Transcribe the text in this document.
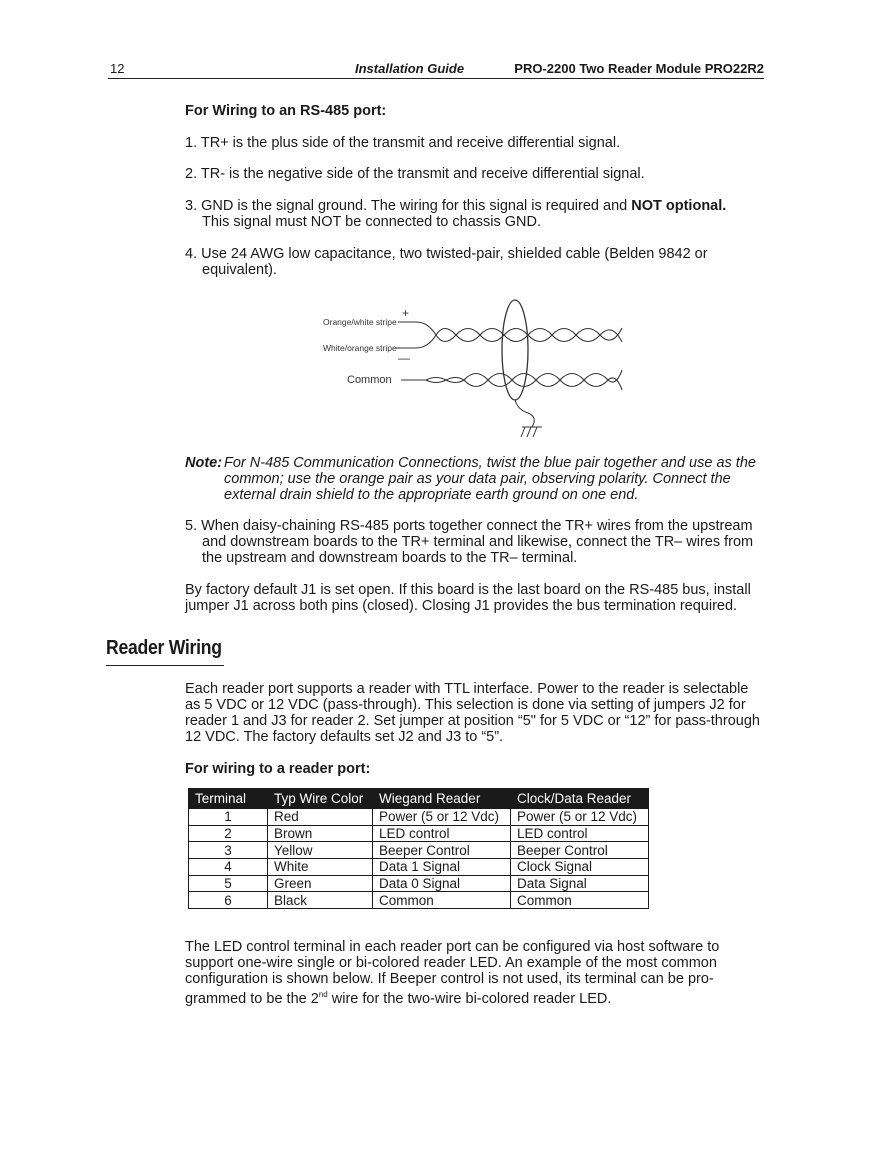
12	Installation Guide	PRO-2200 Two Reader Module PRO22R2
For Wiring to an RS-485 port:
1. TR+ is the plus side of the transmit and receive differential signal.
2. TR- is the negative side of the transmit and receive differential signal.
3. GND is the signal ground. The wiring for this signal is required and NOT optional.
This signal must NOT be connected to chassis GND.
4. Use 24 AWG low capacitance, two twisted-pair, shielded cable (Belden 9842 or
equivalent).
Orange/white stripe
White/orange stripe
Common
+
—
Note: For N-485 Communication Connections, twist the blue pair together and use as the
common; use the orange pair as your data pair, observing polarity. Connect the
external drain shield to the appropriate earth ground on one end.
5. When daisy-chaining RS-485 ports together connect the TR+ wires from the upstream
and downstream boards to the TR+ terminal and likewise, connect the TR– wires from
the upstream and downstream boards to the TR– terminal.
By factory default J1 is set open. If this board is the last board on the RS-485 bus, install
jumper J1 across both pins (closed). Closing J1 provides the bus termination required.
Reader Wiring
Each reader port supports a reader with TTL interface. Power to the reader is selectable
as 5 VDC or 12 VDC (pass-through). This selection is done via setting of jumpers J2 for
reader 1 and J3 for reader 2. Set jumper at position “5" for 5 VDC or “12” for pass-through
12 VDC. The factory defaults set J2 and J3 to “5”.
For wiring to a reader port:
Terminal	Typ Wire Color	Wiegand Reader	Clock/Data Reader
1	Red	Power (5 or 12 Vdc)	Power (5 or 12 Vdc)
2	Brown	LED control	LED control
3	Yellow	Beeper Control	Beeper Control
4	White	Data 1 Signal	Clock Signal
5	Green	Data 0 Signal	Data Signal
6	Black	Common	Common
The LED control terminal in each reader port can be configured via host software to
support one-wire single or bi-colored reader LED. An example of the most common
configuration is shown below. If Beeper control is not used, its terminal can be pro-
grammed to be the 2nd wire for the two-wire bi-colored reader LED.
